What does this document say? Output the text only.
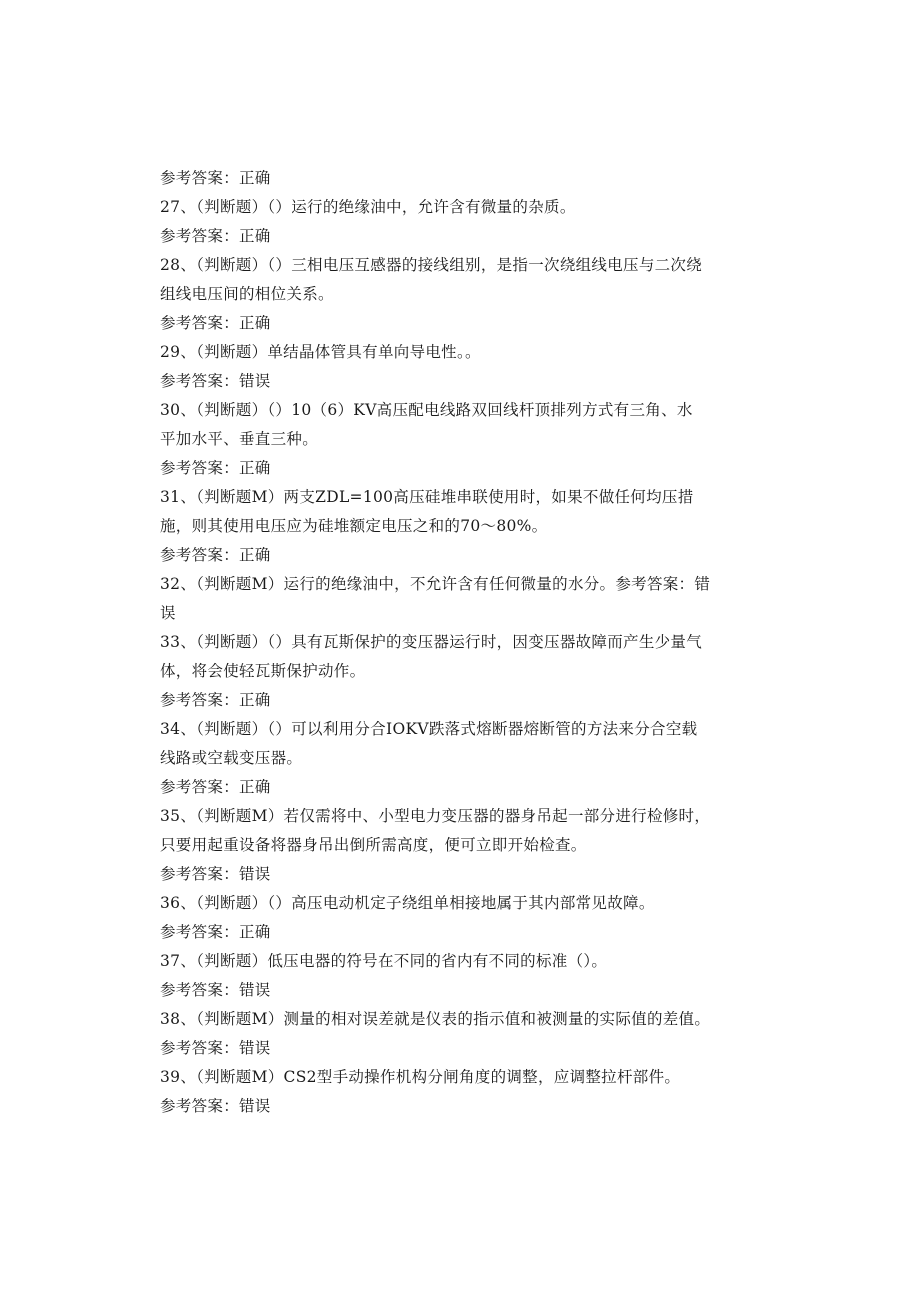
参考答案：正确
27、（判断题）（）运行的绝缘油中，允许含有微量的杂质。
参考答案：正确
28、（判断题）（）三相电压互感器的接线组别，是指一次绕组线电压与二次绕
组线电压间的相位关系。
参考答案：正确
29、（判断题）单结晶体管具有单向导电性。。
参考答案：错误
30、（判断题）（）10（6）KV高压配电线路双回线杆顶排列方式有三角、水
平加水平、垂直三种。
参考答案：正确
31、（判断题M）两支ZDL=100高压硅堆串联使用时，如果不做任何均压措
施，则其使用电压应为硅堆额定电压之和的70〜80%。
参考答案：正确
32、（判断题M）运行的绝缘油中，不允许含有任何微量的水分。参考答案：错
误
33、（判断题）（）具有瓦斯保护的变压器运行时，因变压器故障而产生少量气
体，将会使轻瓦斯保护动作。
参考答案：正确
34、（判断题）（）可以利用分合IOKV跌落式熔断器熔断管的方法来分合空载
线路或空载变压器。
参考答案：正确
35、（判断题M）若仅需将中、小型电力变压器的器身吊起一部分进行检修时，
只要用起重设备将器身吊出倒所需高度，便可立即开始检查。
参考答案：错误
36、（判断题）（）高压电动机定子绕组单相接地属于其内部常见故障。
参考答案：正确
37、（判断题）低压电器的符号在不同的省内有不同的标准（）。
参考答案：错误
38、（判断题M）测量的相对误差就是仪表的指示值和被测量的实际值的差值。
参考答案：错误
39、（判断题M）CS2型手动操作机构分闸角度的调整，应调整拉杆部件。
参考答案：错误
